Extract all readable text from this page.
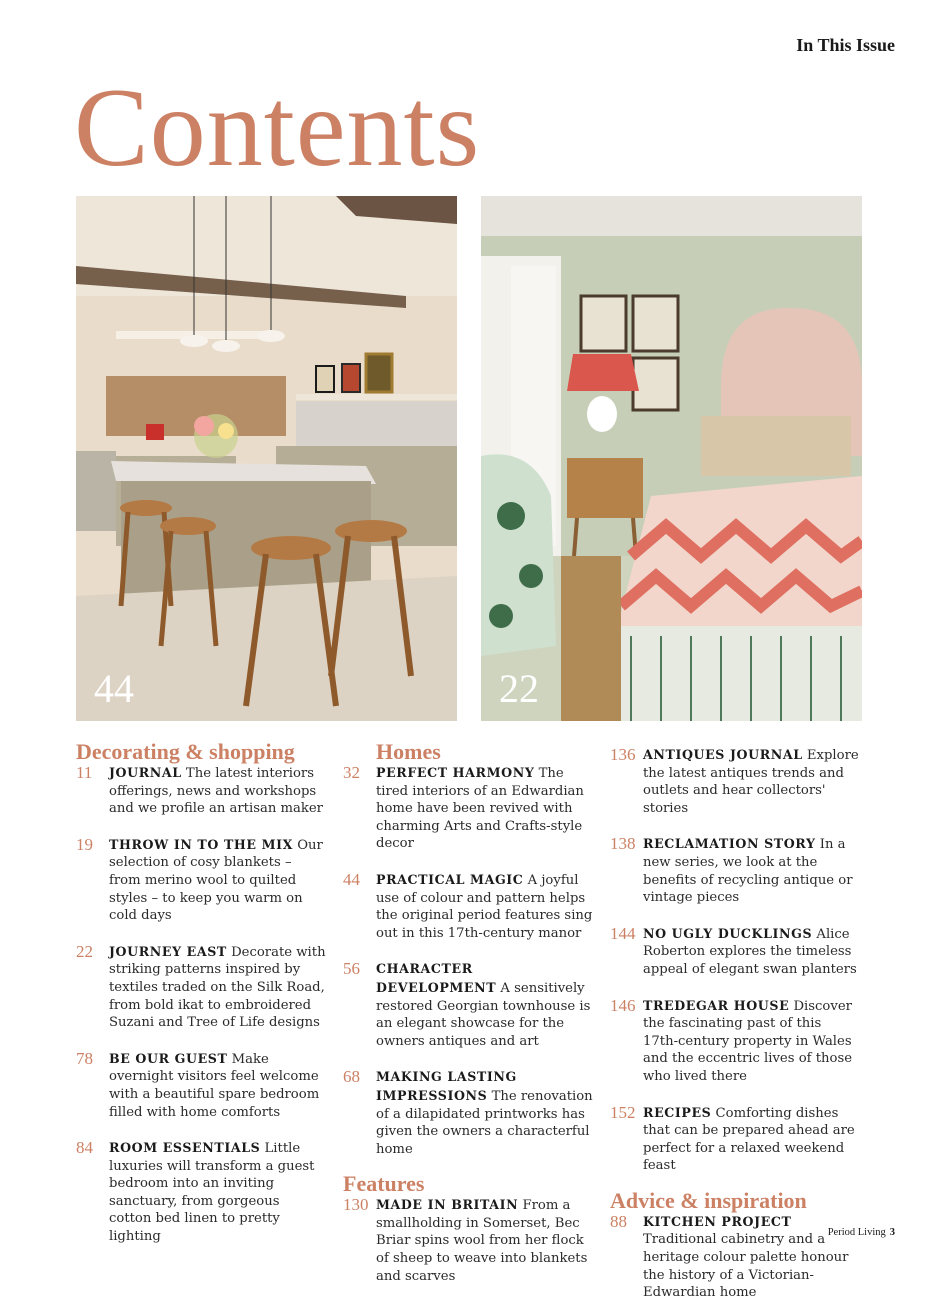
In This Issue
Contents
44	22
Decorating & shopping
11	JOURNAL The latest interiors offerings, news and workshops and we profile an artisan maker
19	THROW IN TO THE MIX Our selection of cosy blankets – from merino wool to quilted styles – to keep you warm on cold days
22	JOURNEY EAST Decorate with striking patterns inspired by textiles traded on the Silk Road, from bold ikat to embroidered Suzani and Tree of Life designs
78	BE OUR GUEST Make overnight visitors feel welcome with a beautiful spare bedroom filled with home comforts
84	ROOM ESSENTIALS Little luxuries will transform a guest bedroom into an inviting sanctuary, from gorgeous cotton bed linen to pretty lighting
Homes
32	PERFECT HARMONY The tired interiors of an Edwardian home have been revived with charming Arts and Crafts-style decor
44	PRACTICAL MAGIC A joyful use of colour and pattern helps the original period features sing out in this 17th-century manor
56	CHARACTER DEVELOPMENT A sensitively restored Georgian townhouse is an elegant showcase for the owners antiques and art
68	MAKING LASTING IMPRESSIONS The renovation of a dilapidated printworks has given the owners a characterful home
Features
130 MADE IN BRITAIN From a smallholding in Somerset, Bec Briar spins wool from her flock of sheep to weave into blankets and scarves
136 ANTIQUES JOURNAL Explore the latest antiques trends and outlets and hear collectors' stories
138 RECLAMATION STORY In a new series, we look at the benefits of recycling antique or vintage pieces
144 NO UGLY DUCKLINGS Alice Roberton explores the timeless appeal of elegant swan planters
146 TREDEGAR HOUSE Discover the fascinating past of this 17th-century property in Wales and the eccentric lives of those who lived there
152 RECIPES Comforting dishes that can be prepared ahead are perfect for a relaxed weekend feast
Advice & inspiration
88	KITCHEN PROJECT Traditional cabinetry and a heritage colour palette honour the history of a Victorian-Edwardian home
Period Living 3
